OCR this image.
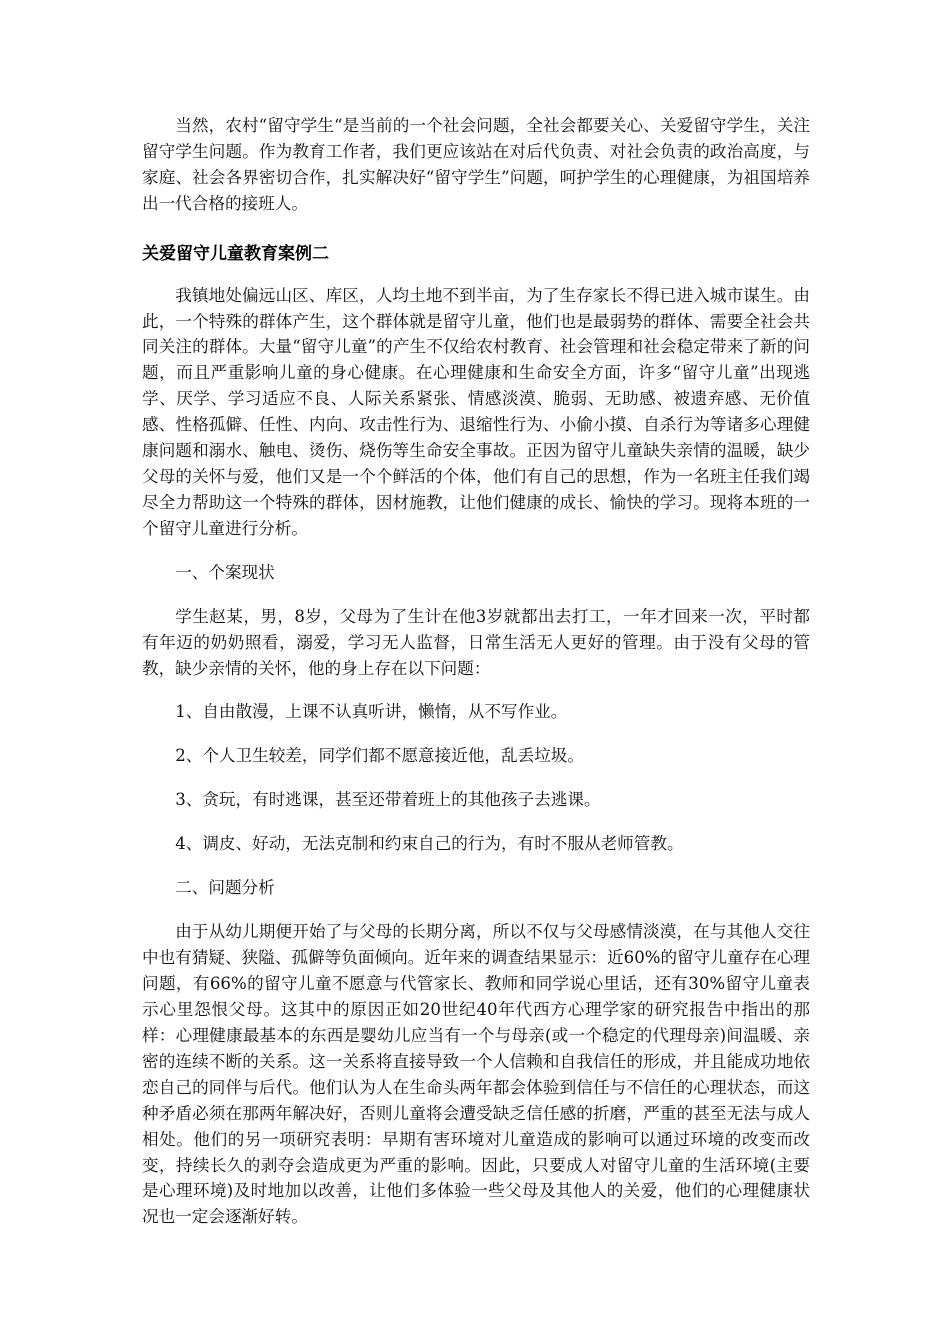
当然，农村“留守学生“是当前的一个社会问题，全社会都要关心、关爱留守学生，关注留守学生问题。作为教育工作者，我们更应该站在对后代负责、对社会负责的政治高度，与家庭、社会各界密切合作，扎实解决好“留守学生”问题，呵护学生的心理健康，为祖国培养出一代合格的接班人。

关爱留守儿童教育案例二

我镇地处偏远山区、库区，人均土地不到半亩，为了生存家长不得已进入城市谋生。由此，一个特殊的群体产生，这个群体就是留守儿童，他们也是最弱势的群体、需要全社会共同关注的群体。大量“留守儿童”的产生不仅给农村教育、社会管理和社会稳定带来了新的问题，而且严重影响儿童的身心健康。在心理健康和生命安全方面，许多“留守儿童”出现逃学、厌学、学习适应不良、人际关系紧张、情感淡漠、脆弱、无助感、被遗弃感、无价值感、性格孤僻、任性、内向、攻击性行为、退缩性行为、小偷小摸、自杀行为等诸多心理健康问题和溺水、触电、烫伤、烧伤等生命安全事故。正因为留守儿童缺失亲情的温暖，缺少父母的关怀与爱，他们又是一个个鲜活的个体，他们有自己的思想，作为一名班主任我们竭尽全力帮助这一个特殊的群体，因材施教，让他们健康的成长、愉快的学习。现将本班的一个留守儿童进行分析。

一、个案现状

学生赵某，男，8岁，父母为了生计在他3岁就都出去打工，一年才回来一次，平时都有年迈的奶奶照看，溺爱，学习无人监督，日常生活无人更好的管理。由于没有父母的管教，缺少亲情的关怀，他的身上存在以下问题：

1、自由散漫，上课不认真听讲，懒惰，从不写作业。

2、个人卫生较差，同学们都不愿意接近他，乱丢垃圾。

3、贪玩，有时逃课，甚至还带着班上的其他孩子去逃课。

4、调皮、好动，无法克制和约束自己的行为，有时不服从老师管教。

二、问题分析

由于从幼儿期便开始了与父母的长期分离，所以不仅与父母感情淡漠，在与其他人交往中也有猜疑、狭隘、孤僻等负面倾向。近年来的调查结果显示：近60%的留守儿童存在心理问题，有66%的留守儿童不愿意与代管家长、教师和同学说心里话，还有30%留守儿童表示心里怨恨父母。这其中的原因正如20世纪40年代西方心理学家的研究报告中指出的那样：心理健康最基本的东西是婴幼儿应当有一个与母亲(或一个稳定的代理母亲)间温暖、亲密的连续不断的关系。这一关系将直接导致一个人信赖和自我信任的形成，并且能成功地依恋自己的同伴与后代。他们认为人在生命头两年都会体验到信任与不信任的心理状态，而这种矛盾必须在那两年解决好，否则儿童将会遭受缺乏信任感的折磨，严重的甚至无法与成人相处。他们的另一项研究表明：早期有害环境对儿童造成的影响可以通过环境的改变而改变，持续长久的剥夺会造成更为严重的影响。因此，只要成人对留守儿童的生活环境(主要是心理环境)及时地加以改善，让他们多体验一些父母及其他人的关爱，他们的心理健康状况也一定会逐渐好转。
